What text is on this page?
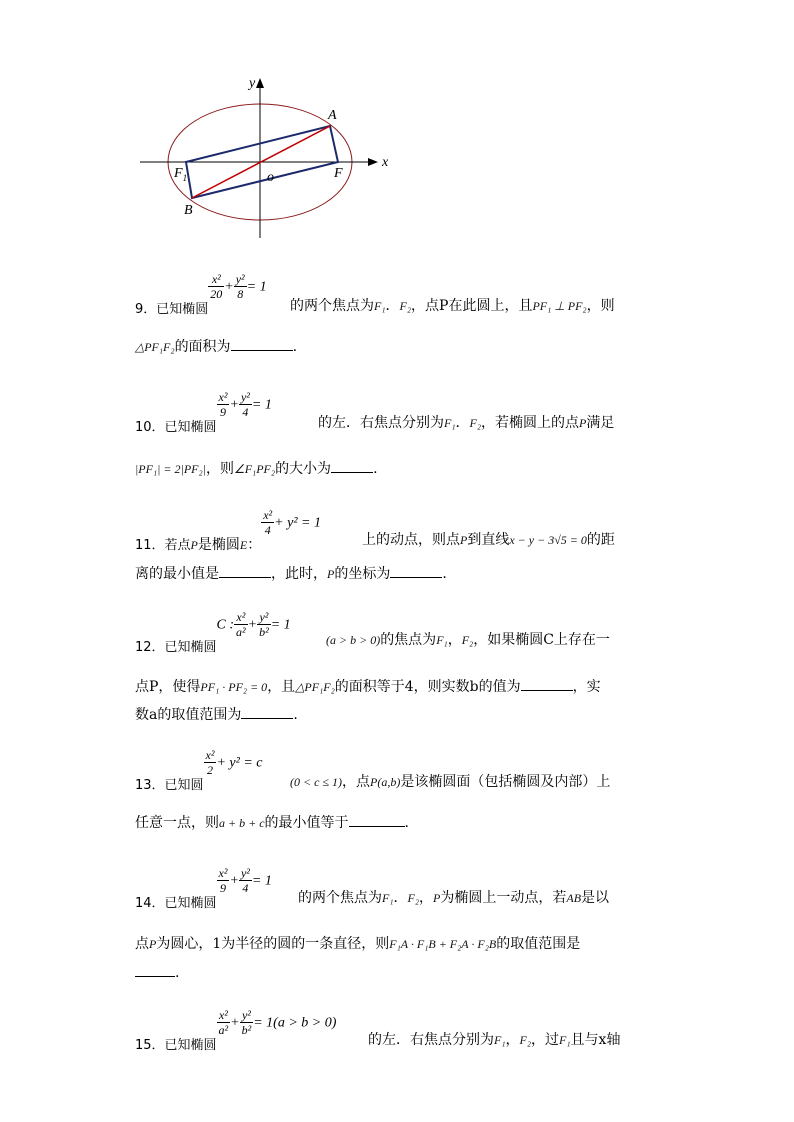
y
x
A
$F_1$	F
B
o
9．已知椭圆
$\frac{\text{x²}}{20} + \frac{\text{y²}}{8} = 1$
的两个焦点为F₁．F₂，点P在此圆上，且PF₁ ⊥ PF₂，则
△PF₁F₂的面积为	.
10．已知椭圆
$\frac{\text{x²}}{9} + \frac{\text{y²}}{4} = 1$
的左．右焦点分别为F₁．F₂，若椭圆上的点P满足
|PF₁| = 2|PF₂|，则∠F₁PF₂的大小为	.
11．若点P是椭圆E：
$\frac{\text{x²}}{4} + y^2 = 1$
上的动点，则点P到直线x − y − 3√5 = 0的距
离的最小值是	，此时，P的坐标为	.
12．已知椭圆C : $\frac{\text{x²}}{\text{a²}} + \frac{\text{y²}}{\text{b²}} = 1$
(a > b > 0)的焦点为F₁，F₂，如果椭圆C上存在一
点P，使得PF₁ · PF₂ = 0，且△PF₁F₂的面积等于4，则实数b的值为	，实
数a的取值范围为	.
13．已知圆
$\frac{\text{x²}}{2} + y^2 = c$
(0 < c ≤ 1)，点P(a,b)是该椭圆面（包括椭圆及内部）上
任意一点，则a + b + c的最小值等于	.
14．已知椭圆
$\frac{\text{x²}}{9} + \frac{\text{y²}}{4} = 1$
的两个焦点为F₁．F₂，P为椭圆上一动点，若AB是以
点P为圆心，1为半径的圆的一条直径，则F₁A · F₁B + F₂A · F₂B的取值范围是
.
15．已知椭圆
$\frac{\text{x²}}{\text{a²}} + \frac{\text{y²}}{\text{b²}} = 1(a > b > 0)$
的左．右焦点分别为F₁，F₂，过F₁且与x轴
